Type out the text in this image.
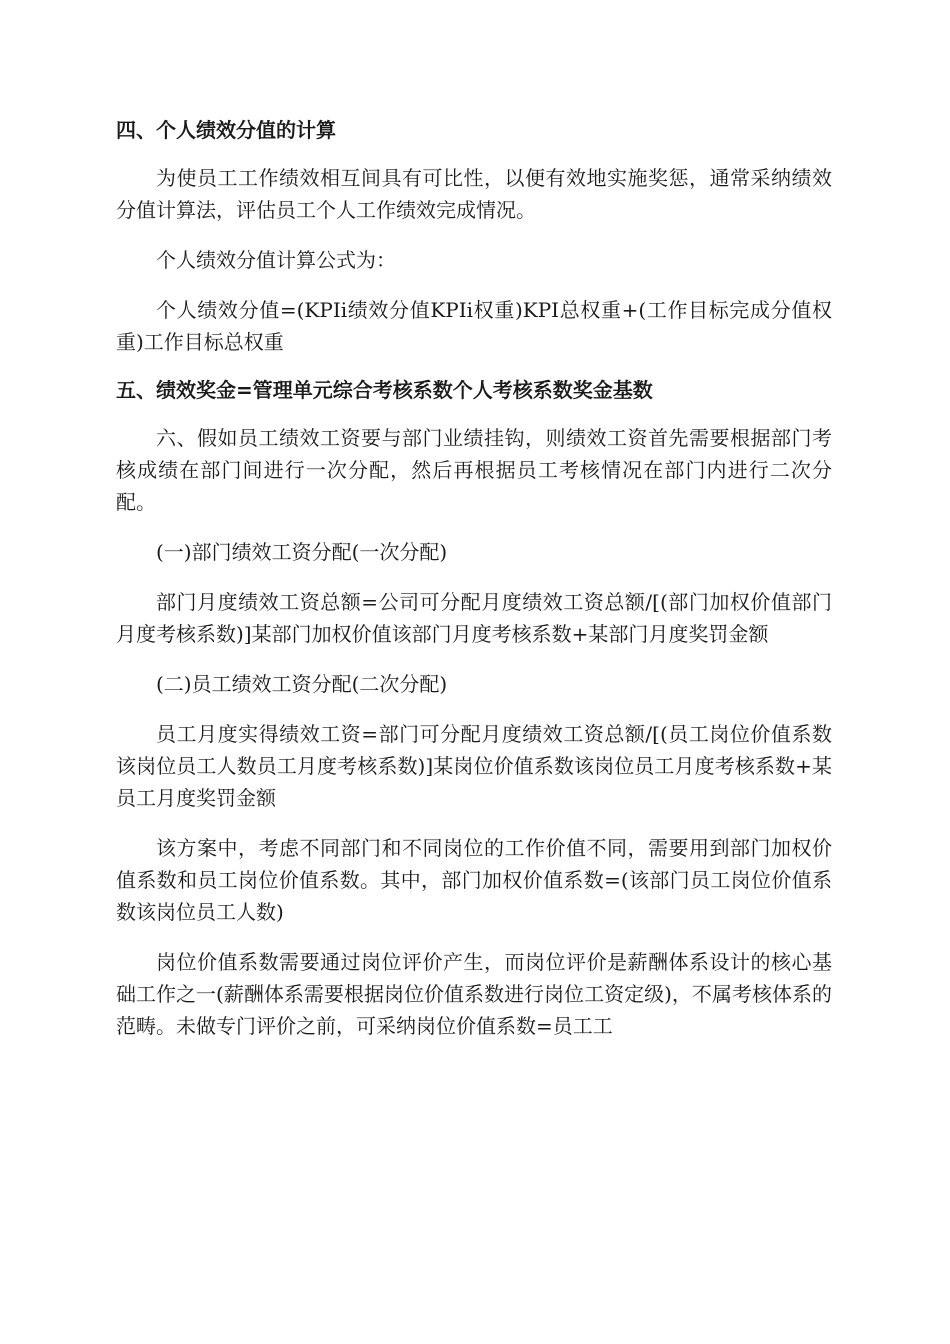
四、个人绩效分值的计算

为使员工工作绩效相互间具有可比性，以便有效地实施奖惩，通常采纳绩效分值计算法，评估员工个人工作绩效完成情况。

个人绩效分值计算公式为：

个人绩效分值=(KPIi绩效分值KPIi权重)KPI总权重+(工作目标完成分值权重)工作目标总权重

五、绩效奖金=管理单元综合考核系数个人考核系数奖金基数

六、假如员工绩效工资要与部门业绩挂钩，则绩效工资首先需要根据部门考核成绩在部门间进行一次分配，然后再根据员工考核情况在部门内进行二次分配。

(一)部门绩效工资分配(一次分配)

部门月度绩效工资总额=公司可分配月度绩效工资总额/[(部门加权价值部门月度考核系数)]某部门加权价值该部门月度考核系数+某部门月度奖罚金额

(二)员工绩效工资分配(二次分配)

员工月度实得绩效工资=部门可分配月度绩效工资总额/[(员工岗位价值系数该岗位员工人数员工月度考核系数)]某岗位价值系数该岗位员工月度考核系数+某员工月度奖罚金额

该方案中，考虑不同部门和不同岗位的工作价值不同，需要用到部门加权价值系数和员工岗位价值系数。其中，部门加权价值系数=(该部门员工岗位价值系数该岗位员工人数)

岗位价值系数需要通过岗位评价产生，而岗位评价是薪酬体系设计的核心基础工作之一(薪酬体系需要根据岗位价值系数进行岗位工资定级)，不属考核体系的范畴。未做专门评价之前，可采纳岗位价值系数=员工工
